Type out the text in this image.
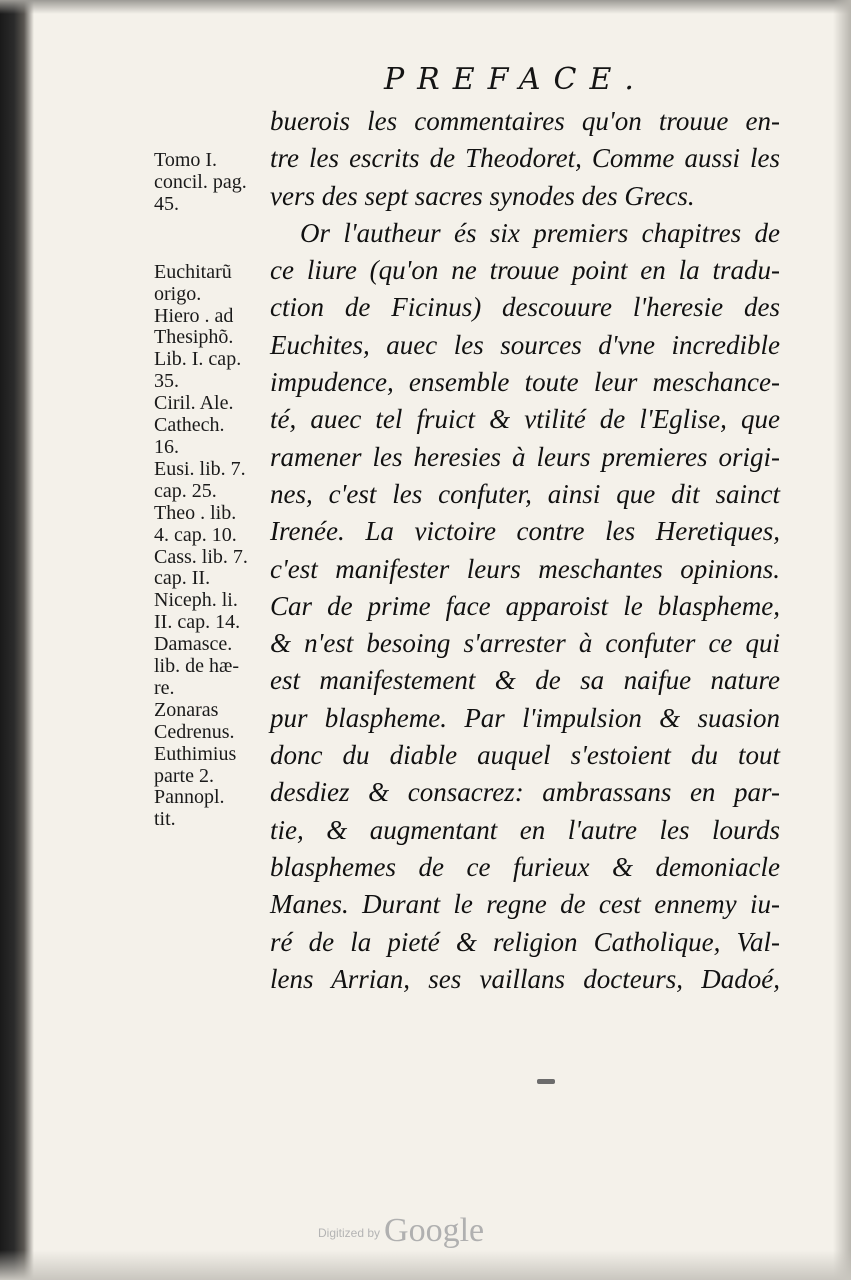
PREFACE.
Tomo I.
concil. pag.
45.
Euchitarũ
origo.
Hiero . ad
Thesiphõ.
Lib. I. cap.
35.
Ciril. Ale.
Cathech.
16.
Eusi. lib. 7.
cap. 25.
Theo . lib.
4. cap. 10.
Cass. lib. 7.
cap. II.
Niceph. li.
II. cap. 14.
Damasce.
lib. de hæ-
re.
Zonaras
Cedrenus.
Euthimius
parte 2.
Pannopl.
tit.
buerois les commentaires qu'on trouue en-
tre les escrits de Theodoret, Comme aussi les
vers des sept sacres synodes des Grecs.
Or l'autheur és six premiers chapitres de
ce liure (qu'on ne trouue point en la tradu-
ction de Ficinus) descouure l'heresie des
Euchites, auec les sources d'vne incredible
impudence, ensemble toute leur meschance-
té, auec tel fruict & vtilité de l'Eglise, que
ramener les heresies à leurs premieres origi-
nes, c'est les confuter, ainsi que dit sainct
Irenée. La victoire contre les Heretiques,
c'est manifester leurs meschantes opinions.
Car de prime face apparoist le blaspheme,
& n'est besoing s'arrester à confuter ce qui
est manifestement & de sa naifue nature
pur blaspheme. Par l'impulsion & suasion
donc du diable auquel s'estoient du tout
desdiez & consacrez: ambrassans en par-
tie, & augmentant en l'autre les lourds
blasphemes de ce furieux & demoniacle
Manes. Durant le regne de cest ennemy iu-
ré de la pieté & religion Catholique, Val-
lens Arrian, ses vaillans docteurs, Dadoé,
$^{Digitized by}$ Google
